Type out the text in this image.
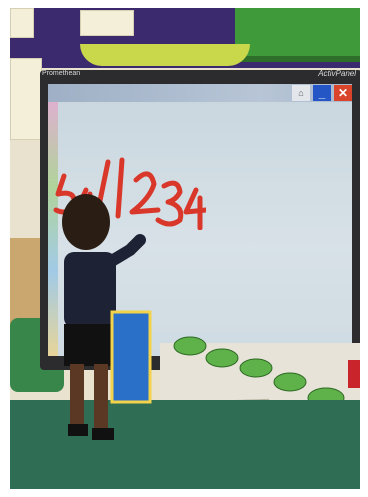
Promethean	ActivPanel
⌂	_	✕
